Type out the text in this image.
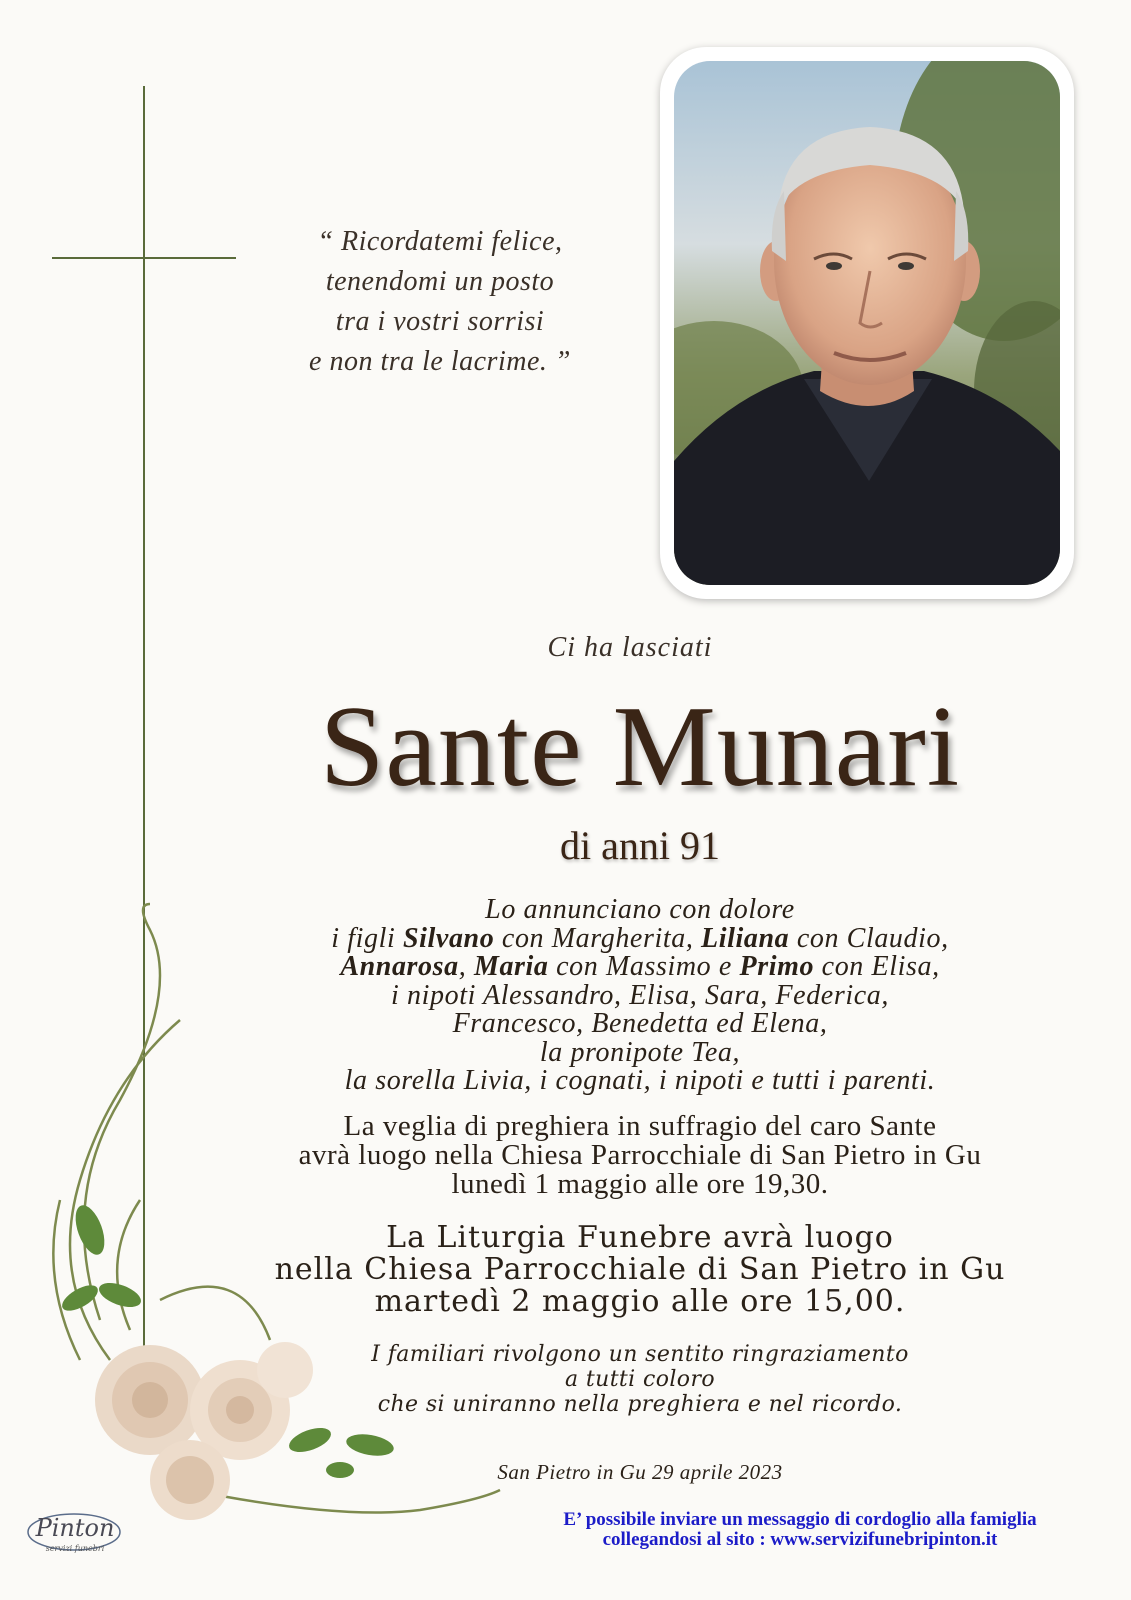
“ Ricordatemi felice,
tenendomi un posto
tra i vostri sorrisi
e non tra le lacrime. ”
Ci ha lasciati
Sante Munari
di anni 91
Lo annunciano con dolore
i figli Silvano con Margherita, Liliana con Claudio,
Annarosa, Maria con Massimo e Primo con Elisa,
i nipoti Alessandro, Elisa, Sara, Federica,
Francesco, Benedetta ed Elena,
la pronipote Tea,
la sorella Livia, i cognati, i nipoti e tutti i parenti.
La veglia di preghiera in suffragio del caro Sante
avrà luogo nella Chiesa Parrocchiale di San Pietro in Gu
lunedì 1 maggio alle ore 19,30.
La Liturgia Funebre avrà luogo
nella Chiesa Parrocchiale di San Pietro in Gu
martedì 2 maggio alle ore 15,00.
I familiari rivolgono un sentito ringraziamento
a tutti coloro
che si uniranno nella preghiera e nel ricordo.
San Pietro in Gu 29 aprile 2023
Pinton
servizi funebri
E’ possibile inviare un messaggio di cordoglio alla famiglia
collegandosi al sito : www.servizifunebripinton.it
